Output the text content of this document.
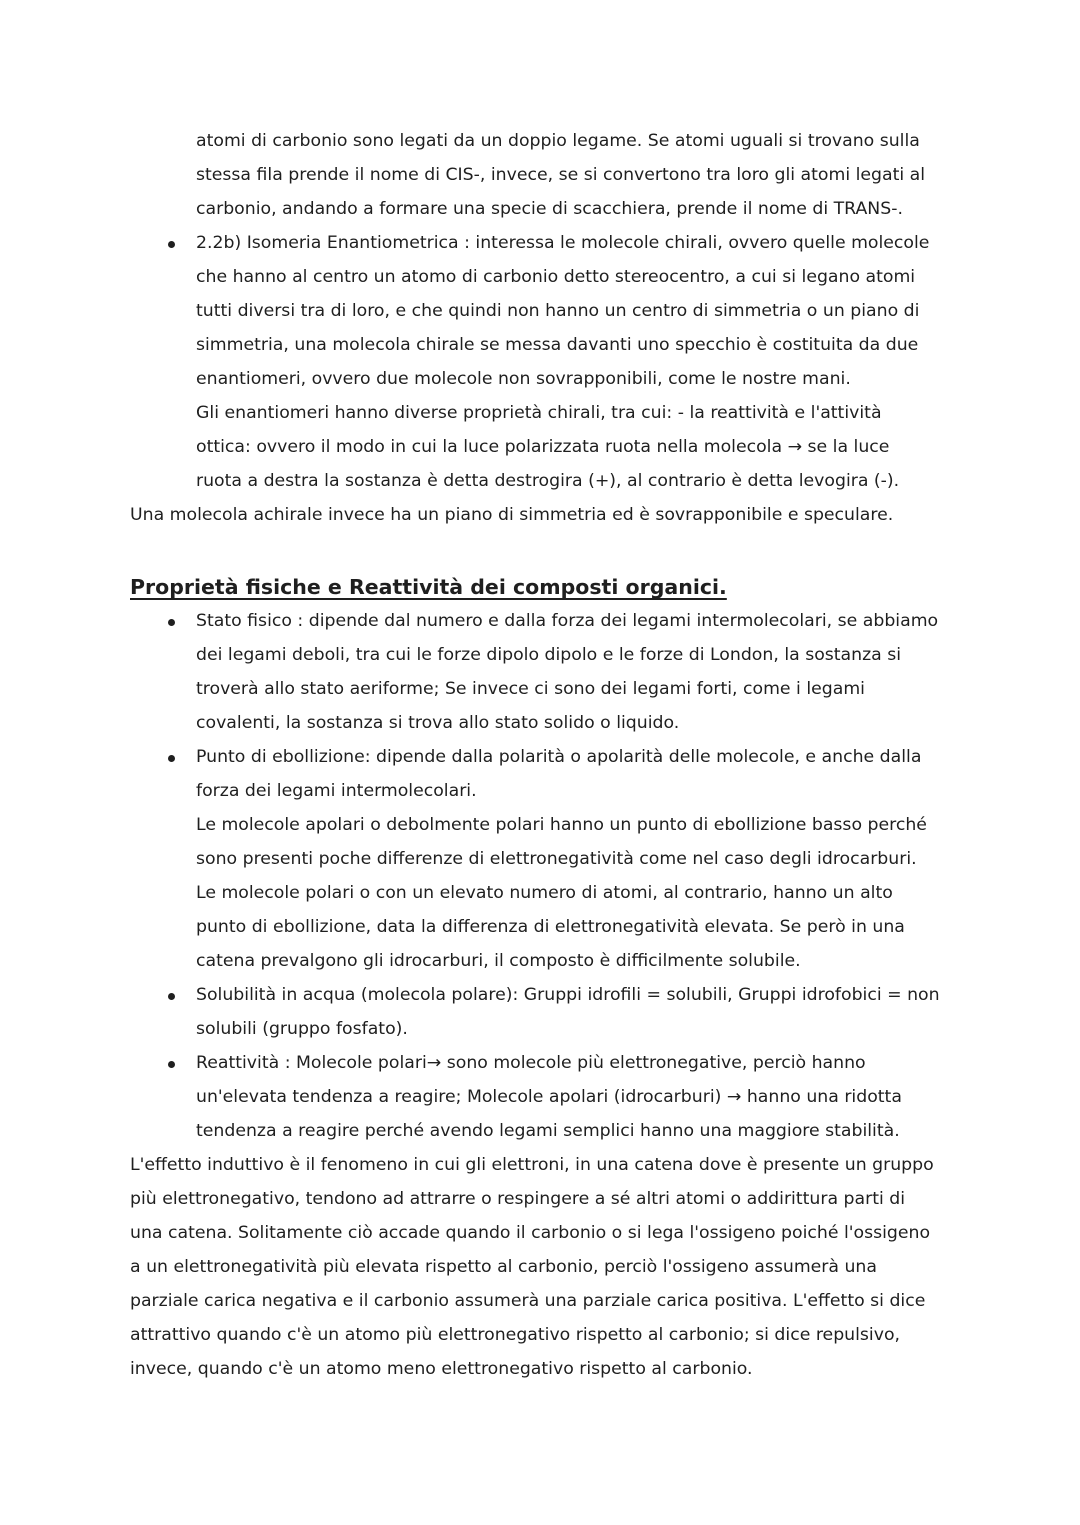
atomi di carbonio sono legati da un doppio legame. Se atomi uguali si trovano sulla
stessa fila prende il nome di CIS-, invece, se si convertono tra loro gli atomi legati al
carbonio, andando a formare una specie di scacchiera, prende il nome di TRANS-.

2.2b) Isomeria Enantiometrica : interessa le molecole chirali, ovvero quelle molecole
che hanno al centro un atomo di carbonio detto stereocentro, a cui si legano atomi
tutti diversi tra di loro, e che quindi non hanno un centro di simmetria o un piano di
simmetria, una molecola chirale se messa davanti uno specchio è costituita da due
enantiomeri, ovvero due molecole non sovrapponibili, come le nostre mani.
Gli enantiomeri hanno diverse proprietà chirali, tra cui: - la reattività e l'attività
ottica: ovvero il modo in cui la luce polarizzata ruota nella molecola → se la luce
ruota a destra la sostanza è detta destrogira (+), al contrario è detta levogira (-).

Una molecola achirale invece ha un piano di simmetria ed è sovrapponibile e speculare.

Proprietà fisiche e Reattività dei composti organici.
Stato fisico : dipende dal numero e dalla forza dei legami intermolecolari, se abbiamo
dei legami deboli, tra cui le forze dipolo dipolo e le forze di London, la sostanza si
troverà allo stato aeriforme; Se invece ci sono dei legami forti, come i legami
covalenti, la sostanza si trova allo stato solido o liquido.
Punto di ebollizione: dipende dalla polarità o apolarità delle molecole, e anche dalla
forza dei legami intermolecolari.
Le molecole apolari o debolmente polari hanno un punto di ebollizione basso perché
sono presenti poche differenze di elettronegatività come nel caso degli idrocarburi.
Le molecole polari o con un elevato numero di atomi, al contrario, hanno un alto
punto di ebollizione, data la differenza di elettronegatività elevata. Se però in una
catena prevalgono gli idrocarburi, il composto è difficilmente solubile.
Solubilità in acqua (molecola polare): Gruppi idrofili = solubili, Gruppi idrofobici = non
solubili (gruppo fosfato).
Reattività : Molecole polari→ sono molecole più elettronegative, perciò hanno
un'elevata tendenza a reagire; Molecole apolari (idrocarburi) → hanno una ridotta
tendenza a reagire perché avendo legami semplici hanno una maggiore stabilità.

L'effetto induttivo è il fenomeno in cui gli elettroni, in una catena dove è presente un gruppo
più elettronegativo, tendono ad attrarre o respingere a sé altri atomi o addirittura parti di
una catena. Solitamente ciò accade quando il carbonio o si lega l'ossigeno poiché l'ossigeno
a un elettronegatività più elevata rispetto al carbonio, perciò l'ossigeno assumerà una
parziale carica negativa e il carbonio assumerà una parziale carica positiva. L'effetto si dice
attrattivo quando c'è un atomo più elettronegativo rispetto al carbonio; si dice repulsivo,
invece, quando c'è un atomo meno elettronegativo rispetto al carbonio.
